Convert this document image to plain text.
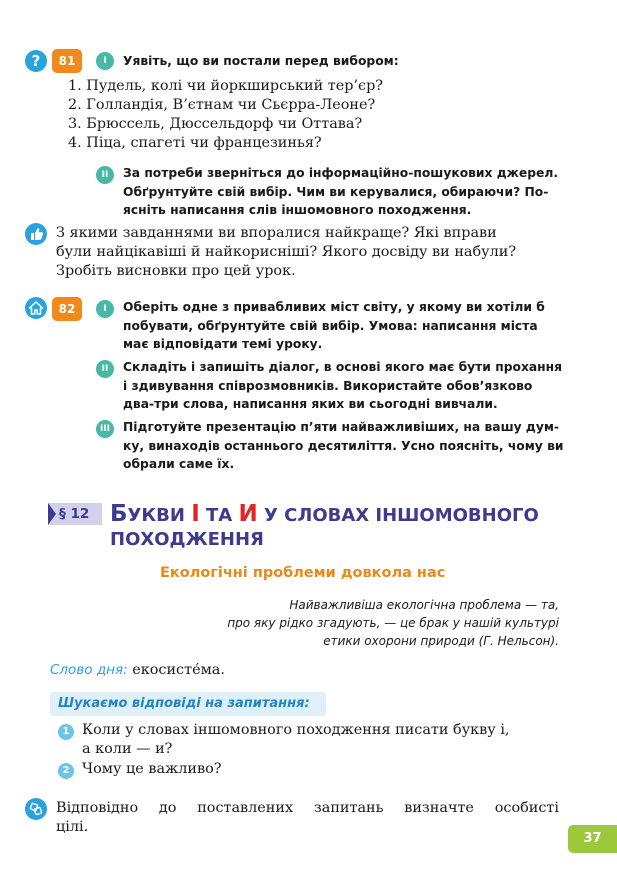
?	81	I	Уявіть, що ви постали перед вибором:
1. Пудель, колі чи йоркширський тер’єр?
2. Голландія, В’єтнам чи Сьєрра-Леоне?
3. Брюссель, Дюссельдорф чи Оттава?
4. Піца, спагеті чи францезинья?
II	За потреби зверніться до інформаційно-пошукових джерел.
Обґрунтуйте свій вибір. Чим ви керувалися, обираючи? По-
ясніть написання слів іншомовного походження.
З якими завданнями ви впоралися найкраще? Які вправи
були найцікавіші й найкорисніші? Якого досвіду ви набули?
Зробіть висновки про цей урок.
82	I	Оберіть одне з привабливих міст світу, у якому ви хотіли б
побувати, обґрунтуйте свій вибір. Умова: написання міста
має відповідати темі уроку.
II	Складіть і запишіть діалог, в основі якого має бути прохання
і здивування співрозмовників. Використайте обов’язково
два-три слова, написання яких ви сьогодні вивчали.
III	Підготуйте презентацію п’яти найважливіших, на вашу дум-
ку, винаходів останнього десятиліття. Усно поясніть, чому ви
обрали саме їх.
§ 12 БУКВИ І ТА И У СЛОВАХ ІНШОМОВНОГО
ПОХОДЖЕННЯ
Екологічні проблеми довкола нас
Найважливіша екологічна проблема — та,
про яку рідко згадують, — це брак у нашій культурі
етики охорони природи (Г. Нельсон).
Слово дня: екосисте́ма.
Шукаємо відповіді на запитання:
1 Коли у словах іншомовного походження писати букву і,
а коли — и?
2 Чому це важливо?
Відповідно до поставлених запитань визначте особисті
цілі.
37
